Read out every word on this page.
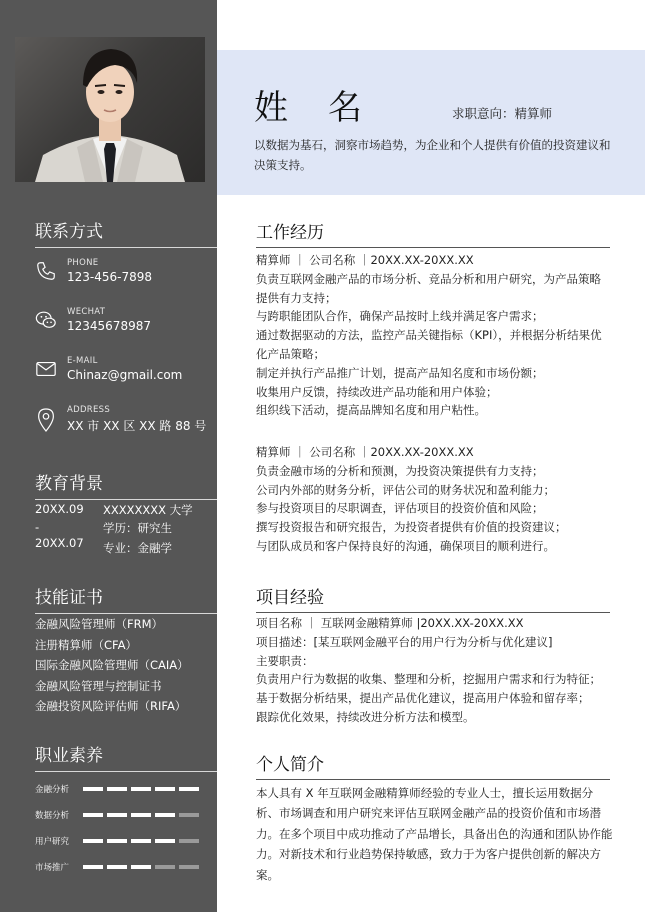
姓名	求职意向：精算师
以数据为基石，洞察市场趋势，为企业和个人提供有价值的投资建议和决策支持。
联系方式
PHONE
123-456-7898
WECHAT
12345678987
E-MAIL
Chinaz@gmail.com
ADDRESS
XX 市 XX 区 XX 路 88 号
教育背景
20XX.09
-
20XX.07
XXXXXXXX 大学
学历：研究生
专业：金融学
技能证书
金融风险管理师（FRM）
注册精算师（CFA）
国际金融风险管理师（CAIA）
金融风险管理与控制证书
金融投资风险评估师（RIFA）
职业素养
金融分析
数据分析
用户研究
市场推广
工作经历

精算师 ｜ 公司名称 ｜20XX.XX-20XX.XX

负责互联网金融产品的市场分析、竞品分析和用户研究，为产品策略提供有力支持；

与跨职能团队合作，确保产品按时上线并满足客户需求；

通过数据驱动的方法，监控产品关键指标（KPI），并根据分析结果优化产品策略；

制定并执行产品推广计划，提高产品知名度和市场份额；

收集用户反馈，持续改进产品功能和用户体验；

组织线下活动，提高品牌知名度和用户粘性。

精算师 ｜ 公司名称 ｜20XX.XX-20XX.XX

负责金融市场的分析和预测，为投资决策提供有力支持；

公司内外部的财务分析，评估公司的财务状况和盈利能力；

参与投资项目的尽职调查，评估项目的投资价值和风险；

撰写投资报告和研究报告，为投资者提供有价值的投资建议；

与团队成员和客户保持良好的沟通，确保项目的顺利进行。

项目经验

项目名称 ｜ 互联网金融精算师 |20XX.XX-20XX.XX

项目描述：[某互联网金融平台的用户行为分析与优化建议]

主要职责：

负责用户行为数据的收集、整理和分析，挖掘用户需求和行为特征；

基于数据分析结果，提出产品优化建议，提高用户体验和留存率；

跟踪优化效果，持续改进分析方法和模型。

个人简介
本人具有 X 年互联网金融精算师经验的专业人士，擅长运用数据分析、市场调查和用户研究来评估互联网金融产品的投资价值和市场潜力。在多个项目中成功推动了产品增长，具备出色的沟通和团队协作能力。对新技术和行业趋势保持敏感，致力于为客户提供创新的解决方案。
